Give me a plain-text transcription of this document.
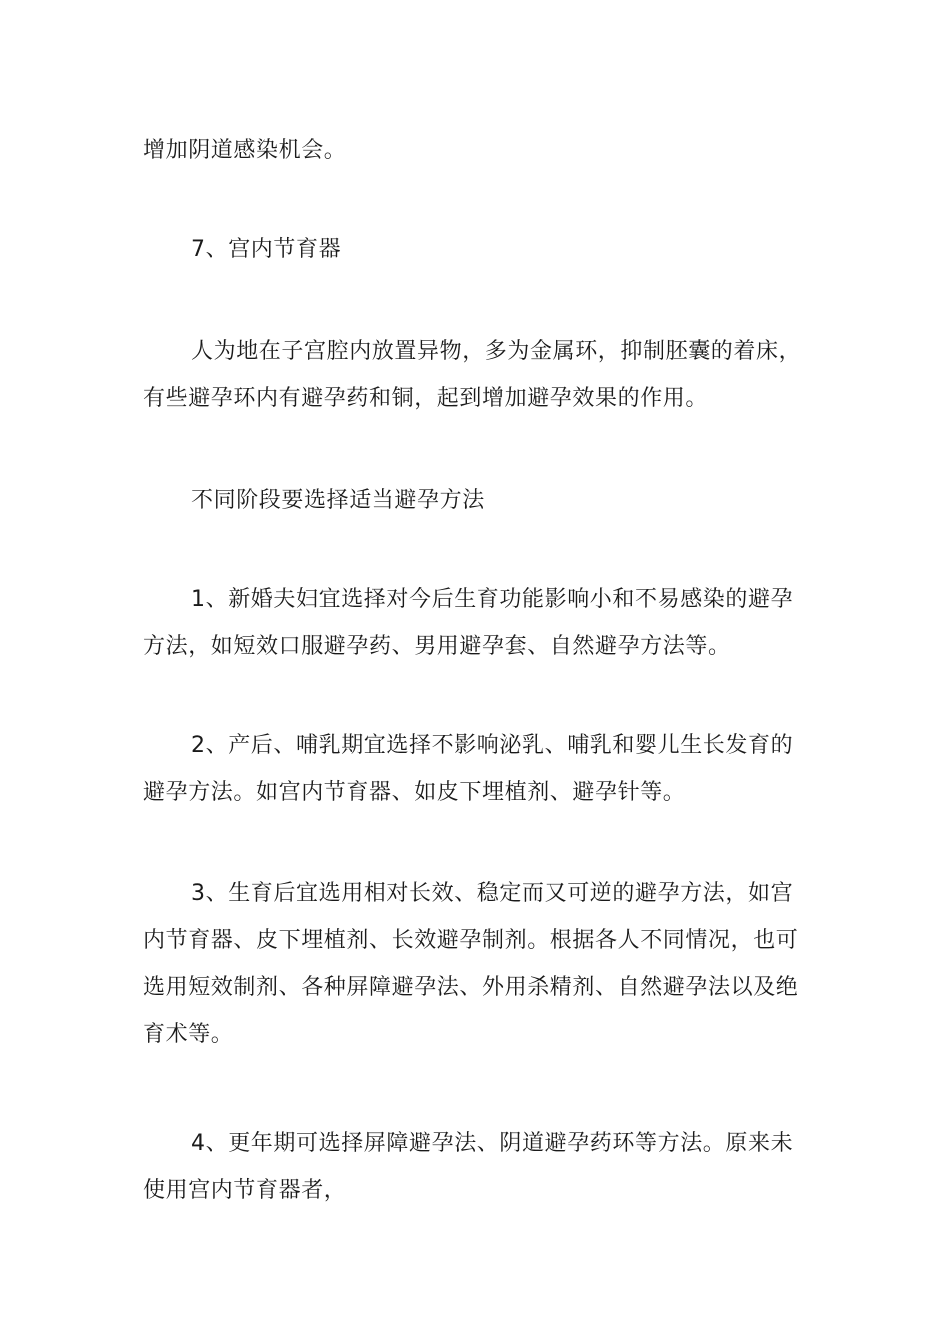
增加阴道感染机会。

7、宫内节育器

人为地在子宫腔内放置异物，多为金属环，抑制胚囊的着床，有些避孕环内有避孕药和铜，起到增加避孕效果的作用。

不同阶段要选择适当避孕方法

1、新婚夫妇宜选择对今后生育功能影响小和不易感染的避孕方法，如短效口服避孕药、男用避孕套、自然避孕方法等。

2、产后、哺乳期宜选择不影响泌乳、哺乳和婴儿生长发育的避孕方法。如宫内节育器、如皮下埋植剂、避孕针等。

3、生育后宜选用相对长效、稳定而又可逆的避孕方法，如宫内节育器、皮下埋植剂、长效避孕制剂。根据各人不同情况，也可选用短效制剂、各种屏障避孕法、外用杀精剂、自然避孕法以及绝育术等。

4、更年期可选择屏障避孕法、阴道避孕药环等方法。原来未使用宫内节育器者，
